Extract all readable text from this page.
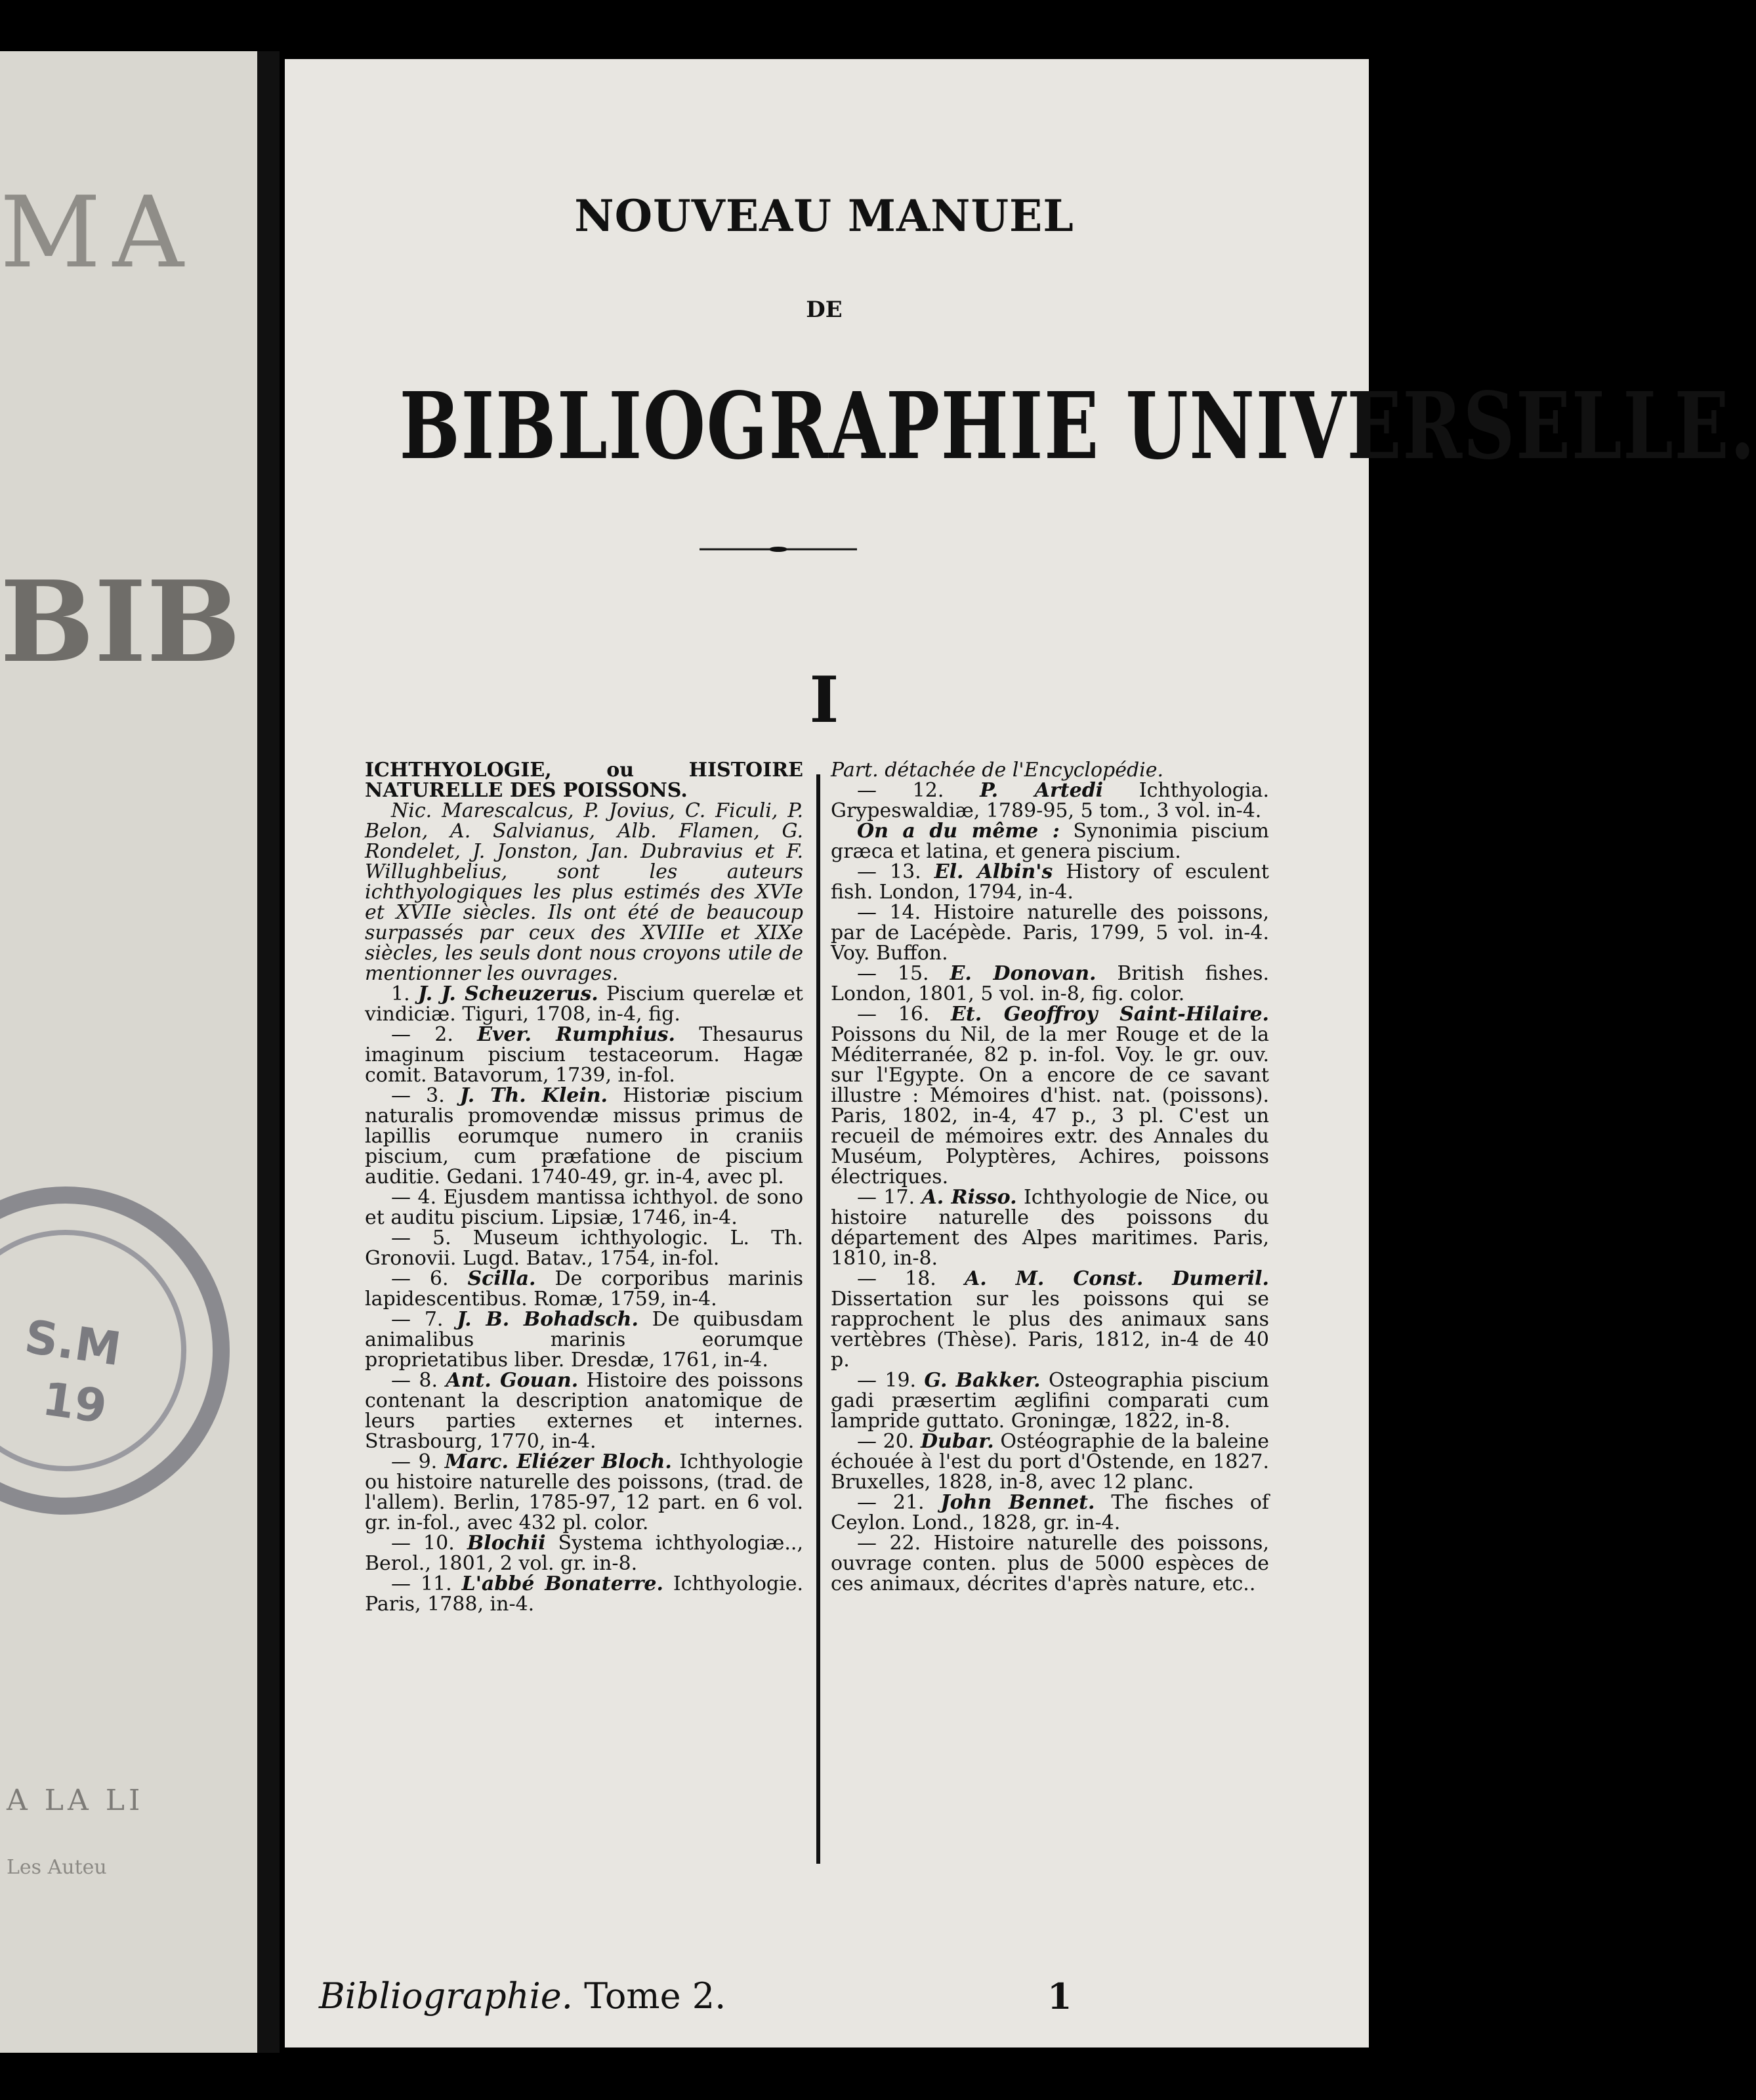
MA
BIB
A LA LI
Les Auteu
S.M
19
NOUVEAU MANUEL

DE

BIBLIOGRAPHIE UNIVERSELLE.

I

ICHTHYOLOGIE, ou HISTOIRE NATURELLE DES POISSONS.

Nic. Marescalcus, P. Jovius, C. Ficuli, P. Belon, A. Salvianus, Alb. Flamen, G. Rondelet, J. Jonston, Jan. Dubravius et F. Willughbelius, sont les auteurs ichthyologiques les plus estimés des XVIe et XVIIe siècles. Ils ont été de beaucoup surpassés par ceux des XVIIIe et XIXe siècles, les seuls dont nous croyons utile de mentionner les ouvrages.

1. J. J. Scheuzerus. Piscium querelæ et vindiciæ. Tiguri, 1708, in-4, fig.

— 2. Ever. Rumphius. Thesaurus imaginum piscium testaceorum. Hagæ comit. Batavorum, 1739, in-fol.

— 3. J. Th. Klein. Historiæ piscium naturalis promovendæ missus primus de lapillis eorumque numero in craniis piscium, cum præfatione de piscium auditie. Gedani. 1740-49, gr. in-4, avec pl.

— 4. Ejusdem mantissa ichthyol. de sono et auditu piscium. Lipsiæ, 1746, in-4.

— 5. Museum ichthyologic. L. Th. Gronovii. Lugd. Batav., 1754, in-fol.

— 6. Scilla. De corporibus marinis lapidescentibus. Romæ, 1759, in-4.

— 7. J. B. Bohadsch. De quibusdam animalibus marinis eorumque proprietatibus liber. Dresdæ, 1761, in-4.

— 8. Ant. Gouan. Histoire des poissons contenant la description anatomique de leurs parties externes et internes. Strasbourg, 1770, in-4.

— 9. Marc. Eliézer Bloch. Ichthyologie ou histoire naturelle des poissons, (trad. de l'allem). Berlin, 1785-97, 12 part. en 6 vol. gr. in-fol., avec 432 pl. color.

— 10. Blochii Systema ichthyologiæ.., Berol., 1801, 2 vol. gr. in-8.

— 11. L'abbé Bonaterre. Ichthyologie. Paris, 1788, in-4.

Part. détachée de l'Encyclopédie.

— 12. P. Artedi Ichthyologia. Grypeswaldiæ, 1789-95, 5 tom., 3 vol. in-4.

On a du même : Synonimia piscium græca et latina, et genera piscium.

— 13. El. Albin's History of esculent fish. London, 1794, in-4.

— 14. Histoire naturelle des poissons, par de Lacépède. Paris, 1799, 5 vol. in-4. Voy. Buffon.

— 15. E. Donovan. British fishes. London, 1801, 5 vol. in-8, fig. color.

— 16. Et. Geoffroy Saint-Hilaire. Poissons du Nil, de la mer Rouge et de la Méditerranée, 82 p. in-fol. Voy. le gr. ouv. sur l'Egypte. On a encore de ce savant illustre : Mémoires d'hist. nat. (poissons). Paris, 1802, in-4, 47 p., 3 pl. C'est un recueil de mémoires extr. des Annales du Muséum, Polyptères, Achires, poissons électriques.

— 17. A. Risso. Ichthyologie de Nice, ou histoire naturelle des poissons du département des Alpes maritimes. Paris, 1810, in-8.

— 18. A. M. Const. Dumeril. Dissertation sur les poissons qui se rapprochent le plus des animaux sans vertèbres (Thèse). Paris, 1812, in-4 de 40 p.

— 19. G. Bakker. Osteographia piscium gadi præsertim æglifini comparati cum lampride guttato. Groningæ, 1822, in-8.

— 20. Dubar. Ostéographie de la baleine échouée à l'est du port d'Ostende, en 1827. Bruxelles, 1828, in-8, avec 12 planc.

— 21. John Bennet. The fisches of Ceylon. Lond., 1828, gr. in-4.

— 22. Histoire naturelle des poissons, ouvrage conten. plus de 5000 espèces de ces animaux, décrites d'après nature, etc..

Bibliographie. Tome 2.	1
